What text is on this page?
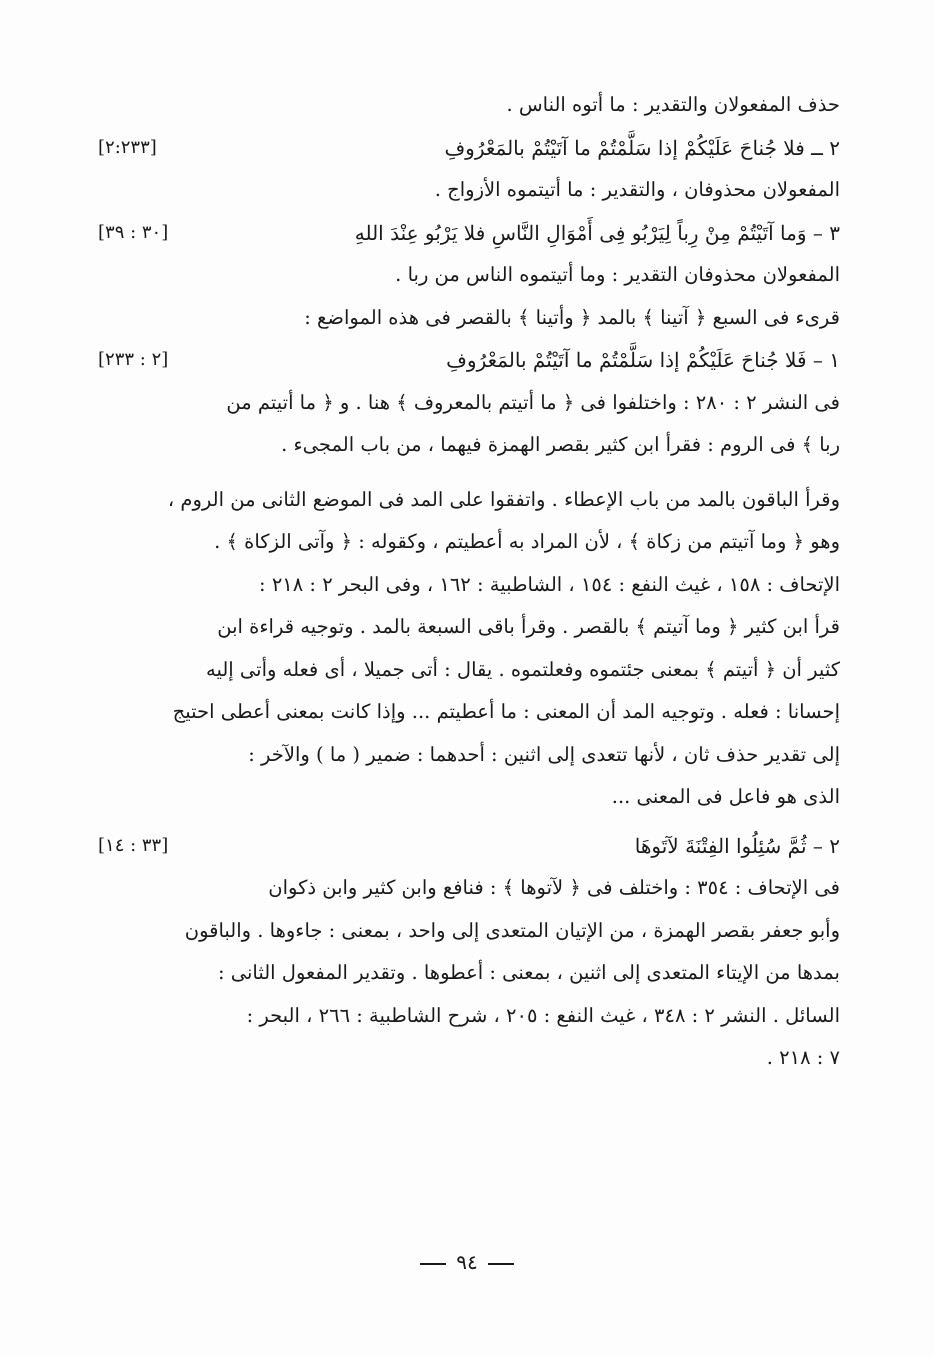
حذف المفعولان والتقدير : ما أتوه الناس .
٢ ــ فلا جُناحَ عَلَيْكُمْ إذا سَلَّمْتُمْ ما آتَيْتُمْ بالمَعْرُوفِ
[٢:٢٣٣]
المفعولان محذوفان ، والتقدير : ما أتيتموه الأزواج .
٣ – وَما آتَيْتُمْ مِنْ رِباً لِيَرْبُو فِى أَمْوَالِ النَّاسِ فلا يَرْبُو عِنْدَ اللهِ
[٣٠ : ٣٩]
المفعولان محذوفان التقدير : وما أتيتموه الناس من ربا .
قرىء فى السبع ﴿ آتينا ﴾ بالمد ﴿ وأتينا ﴾ بالقصر فى هذه المواضع :
١ – فَلا جُناحَ عَلَيْكُمْ إذا سَلَّمْتُمْ ما آتَيْتُمْ بالمَعْرُوفِ
[٢ : ٢٣٣]
فى النشر ٢ : ٢٨٠ : واختلفوا فى ﴿ ما أتيتم بالمعروف ﴾ هنا . و ﴿ ما أتيتم من
ربا ﴾ فى الروم : فقرأ ابن كثير بقصر الهمزة فيهما ، من باب المجىء .
وقرأ الباقون بالمد من باب الإعطاء . واتفقوا على المد فى الموضع الثانى من الروم ،
وهو ﴿ وما آتيتم من زكاة ﴾ ، لأن المراد به أعطيتم ، وكقوله : ﴿ وآتى الزكاة ﴾ .
الإتحاف : ١٥٨ ، غيث النفع : ١٥٤ ، الشاطبية : ١٦٢ ، وفى البحر ٢ : ٢١٨ :
قرأ ابن كثير ﴿ وما آتيتم ﴾ بالقصر . وقرأ باقى السبعة بالمد . وتوجيه قراءة ابن
كثير أن ﴿ أتيتم ﴾ بمعنى جئتموه وفعلتموه . يقال : أتى جميلا ، أى فعله وأتى إليه
إحسانا : فعله . وتوجيه المد أن المعنى : ما أعطيتم ... وإذا كانت بمعنى أعطى احتيج
إلى تقدير حذف ثان ، لأنها تتعدى إلى اثنين : أحدهما : ضمير ( ما ) والآخر :
الذى هو فاعل فى المعنى ...
٢ – ثُمَّ سُئِلُوا الفِتْنَةَ لآتَوهَا
[٣٣ : ١٤]
فى الإتحاف : ٣٥٤ : واختلف فى ﴿ لآتوها ﴾ : فنافع وابن كثير وابن ذكوان
وأبو جعفر بقصر الهمزة ، من الإتيان المتعدى إلى واحد ، بمعنى : جاءوها . والباقون
بمدها من الإيتاء المتعدى إلى اثنين ، بمعنى : أعطوها . وتقدير المفعول الثانى :
السائل . النشر ٢ : ٣٤٨ ، غيث النفع : ٢٠٥ ، شرح الشاطبية : ٢٦٦ ، البحر :
٧ : ٢١٨ .
٩٤
